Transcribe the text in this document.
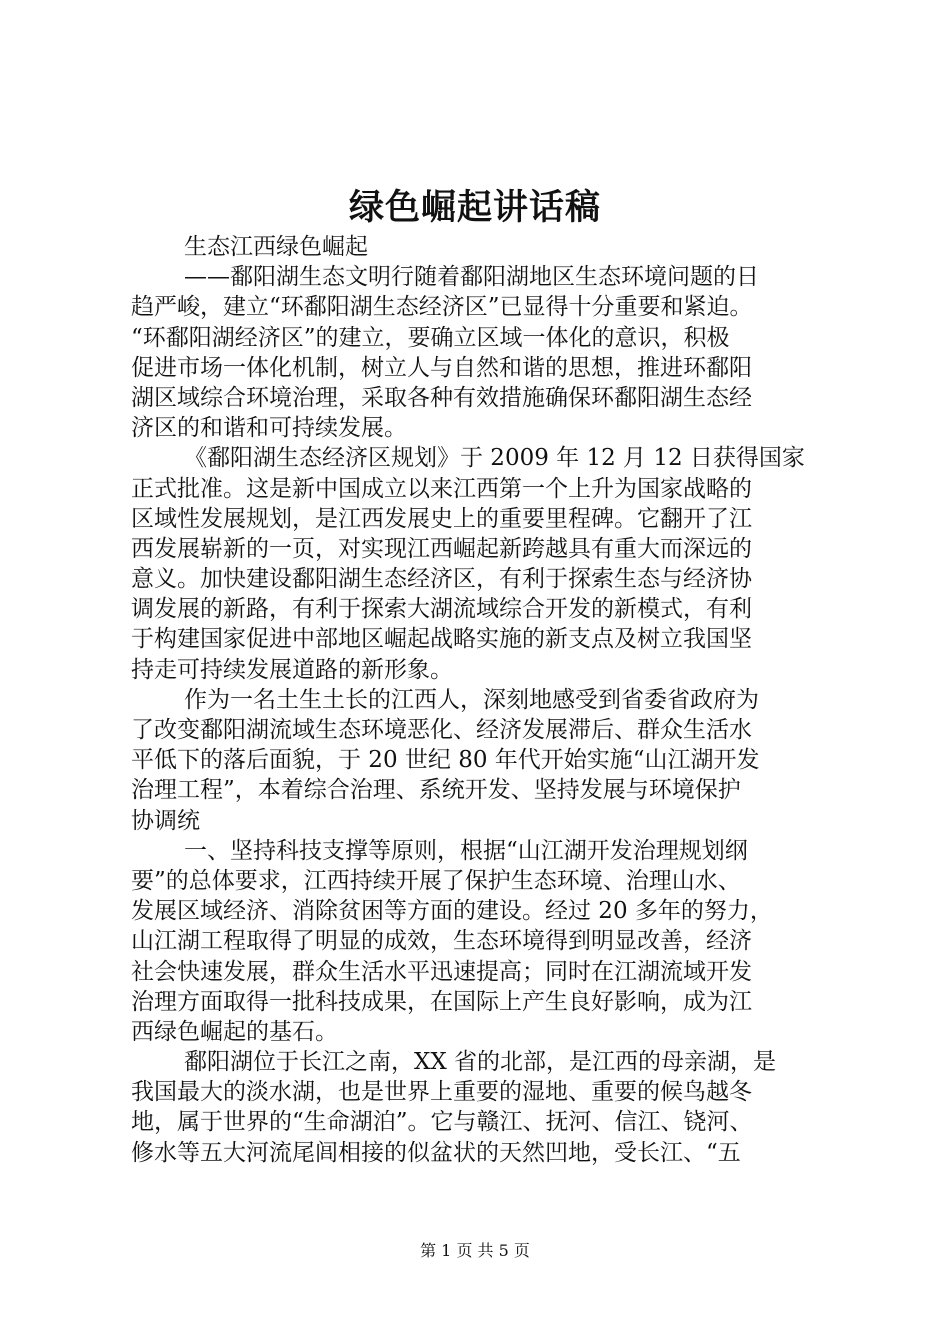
绿色崛起讲话稿
生态江西绿色崛起
——鄱阳湖生态文明行随着鄱阳湖地区生态环境问题的日
趋严峻，建立“环鄱阳湖生态经济区”已显得十分重要和紧迫。
“环鄱阳湖经济区”的建立，要确立区域一体化的意识，积极
促进市场一体化机制，树立人与自然和谐的思想，推进环鄱阳
湖区域综合环境治理，采取各种有效措施确保环鄱阳湖生态经
济区的和谐和可持续发展。
《鄱阳湖生态经济区规划》于 2009 年 12 月 12 日获得国家
正式批准。这是新中国成立以来江西第一个上升为国家战略的
区域性发展规划，是江西发展史上的重要里程碑。它翻开了江
西发展崭新的一页，对实现江西崛起新跨越具有重大而深远的
意义。加快建设鄱阳湖生态经济区，有利于探索生态与经济协
调发展的新路，有利于探索大湖流域综合开发的新模式，有利
于构建国家促进中部地区崛起战略实施的新支点及树立我国坚
持走可持续发展道路的新形象。
作为一名土生土长的江西人，深刻地感受到省委省政府为
了改变鄱阳湖流域生态环境恶化、经济发展滞后、群众生活水
平低下的落后面貌，于 20 世纪 80 年代开始实施“山江湖开发
治理工程”，本着综合治理、系统开发、坚持发展与环境保护
协调统
一、坚持科技支撑等原则，根据“山江湖开发治理规划纲
要”的总体要求，江西持续开展了保护生态环境、治理山水、
发展区域经济、消除贫困等方面的建设。经过 20 多年的努力，
山江湖工程取得了明显的成效，生态环境得到明显改善，经济
社会快速发展，群众生活水平迅速提高；同时在江湖流域开发
治理方面取得一批科技成果，在国际上产生良好影响，成为江
西绿色崛起的基石。
鄱阳湖位于长江之南，XX 省的北部，是江西的母亲湖，是
我国最大的淡水湖，也是世界上重要的湿地、重要的候鸟越冬
地，属于世界的“生命湖泊”。它与赣江、抚河、信江、铙河、
修水等五大河流尾闾相接的似盆状的天然凹地，受长江、“五
第 1 页 共 5 页
